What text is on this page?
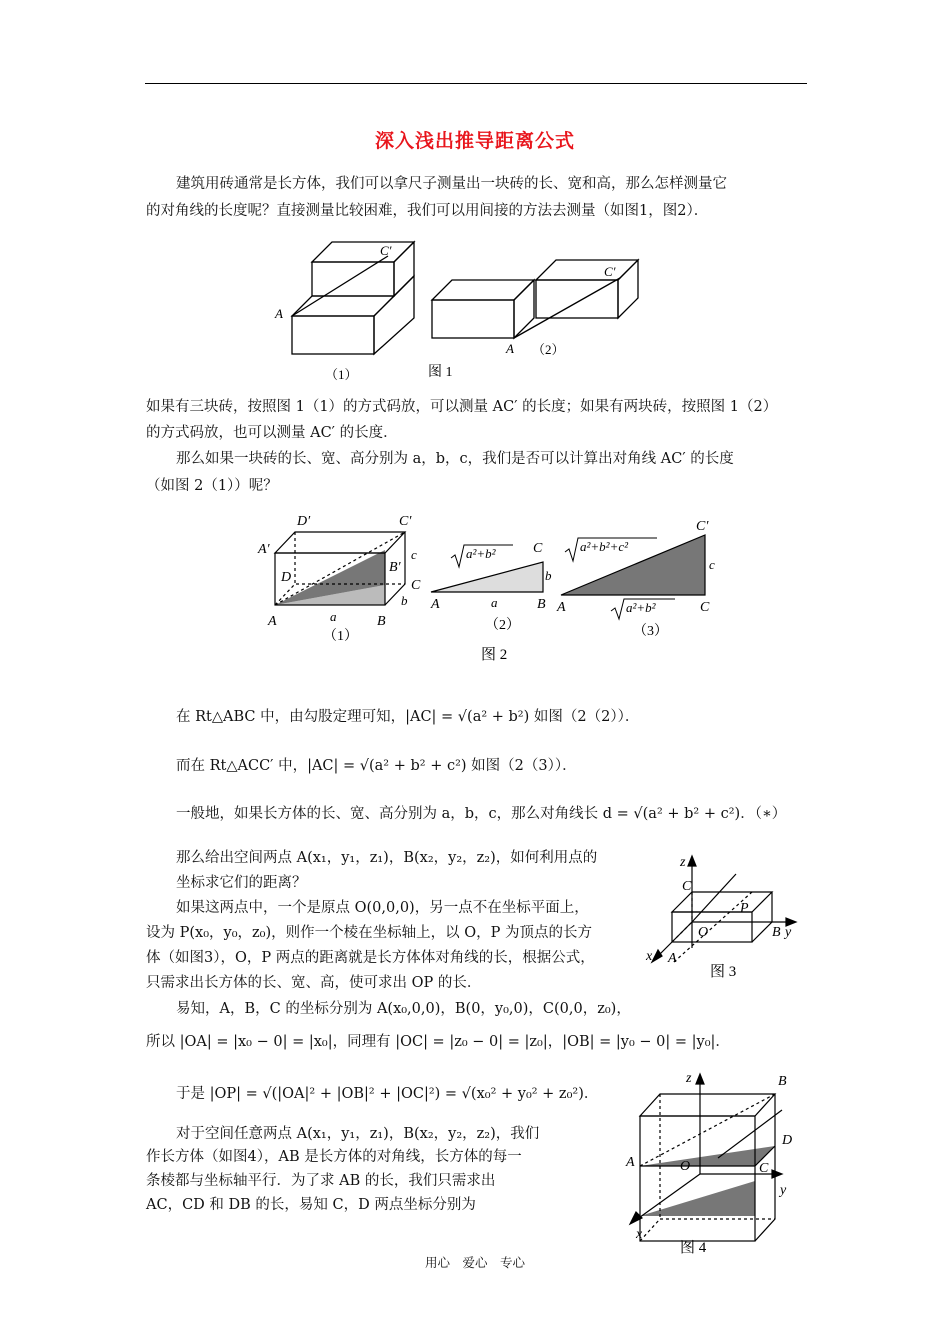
深入浅出推导距离公式
建筑用砖通常是长方体，我们可以拿尺子测量出一块砖的长、宽和高，那么怎样测量它
的对角线的长度呢？直接测量比较困难，我们可以用间接的方法去测量（如图1，图2）．
C′
A
C′
A （2）
（1）	图 1
如果有三块砖，按照图 1（1）的方式码放，可以测量 AC′ 的长度；如果有两块砖，按照图 1（2）
的方式码放，也可以测量 AC′ 的长度．
那么如果一块砖的长、宽、高分别为 a，b，c，我们是否可以计算出对角线 AC′ 的长度
（如图 2（1））呢？
D′	C′
A′
B′
D
C
c
b
a
A	B
（1）
A	B
C
b
a
a²+b²
（2）
A	C
C′
c
a²+b²+c²
a²+b²
（3）
图 2
在 Rt△ABC 中，由勾股定理可知，|AC| = √(a² + b²) 如图（2（2））．
而在 Rt△ACC′ 中，|AC| = √(a² + b² + c²) 如图（2（3））．
一般地，如果长方体的长、宽、高分别为 a，b，c，那么对角线长 d = √(a² + b² + c²)．（∗）
那么给出空间两点 A(x₁，y₁，z₁)，B(x₂，y₂，z₂)，如何利用点的
坐标求它们的距离？
如果这两点中，一个是原点 O(0,0,0)，另一点不在坐标平面上，
设为 P(x₀，y₀，z₀)，则作一个棱在坐标轴上，以 O，P 为顶点的长方
体（如图3），O，P 两点的距离就是长方体体对角线的长，根据公式，
只需求出长方体的长、宽、高，使可求出 OP 的长．
z
C
P
O	B y
x A
图 3
易知，A，B，C 的坐标分别为 A(x₀,0,0)，B(0，y₀,0)，C(0,0，z₀)，
所以 |OA| = |x₀ − 0| = |x₀|，同理有 |OC| = |z₀ − 0| = |z₀|，|OB| = |y₀ − 0| = |y₀|．
于是 |OP| = √(|OA|² + |OB|² + |OC|²) = √(x₀² + y₀² + z₀²)．
对于空间任意两点 A(x₁，y₁，z₁)，B(x₂，y₂，z₂)，我们
作长方体（如图4），AB 是长方体的对角线，长方体的每一
条棱都与坐标轴平行．为了求 AB 的长，我们只需求出
AC，CD 和 DB 的长，易知 C，D 两点坐标分别为
z	B
D
A	O	C
y
x
图 4
用心　爱心　专心
